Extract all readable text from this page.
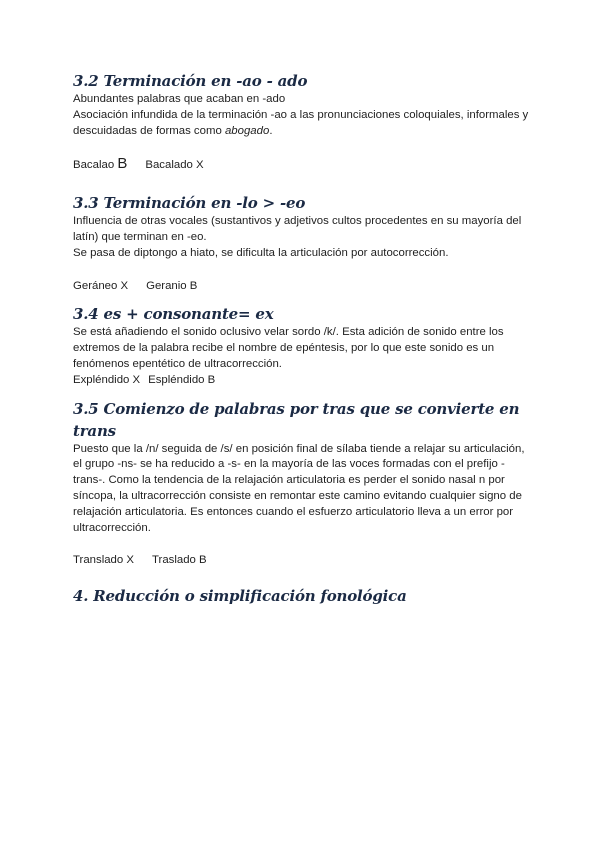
3.2 Terminación en -ao - ado

Abundantes palabras que acaban en -ado

Asociación infundida de la terminación -ao a las pronunciaciones coloquiales, informales y descuidadas de formas como abogado.

Bacalao B Bacalado X

3.3 Terminación en -lo > -eo

Influencia de otras vocales (sustantivos y adjetivos cultos procedentes en su mayoría del latín) que terminan en -eo.

Se pasa de diptongo a hiato, se dificulta la articulación por autocorrección.

Geráneo X Geranio B

3.4 es + consonante= ex

Se está añadiendo el sonido oclusivo velar sordo /k/. Esta adición de sonido entre los extremos de la palabra recibe el nombre de epéntesis, por lo que este sonido es un fenómenos epentético de ultracorrección.

Expléndido X Espléndido B

3.5 Comienzo de palabras por tras que se convierte en trans

Puesto que la /n/ seguida de /s/ en posición final de sílaba tiende a relajar su articulación, el grupo -ns- se ha reducido a -s- en la mayoría de las voces formadas con el prefijo -trans-. Como la tendencia de la relajación articulatoria es perder el sonido nasal n por síncopa, la ultracorrección consiste en remontar este camino evitando cualquier signo de relajación articulatoria. Es entonces cuando el esfuerzo articulatorio lleva a un error por ultracorrección.

Translado X Traslado B

4. Reducción o simplificación fonológica
